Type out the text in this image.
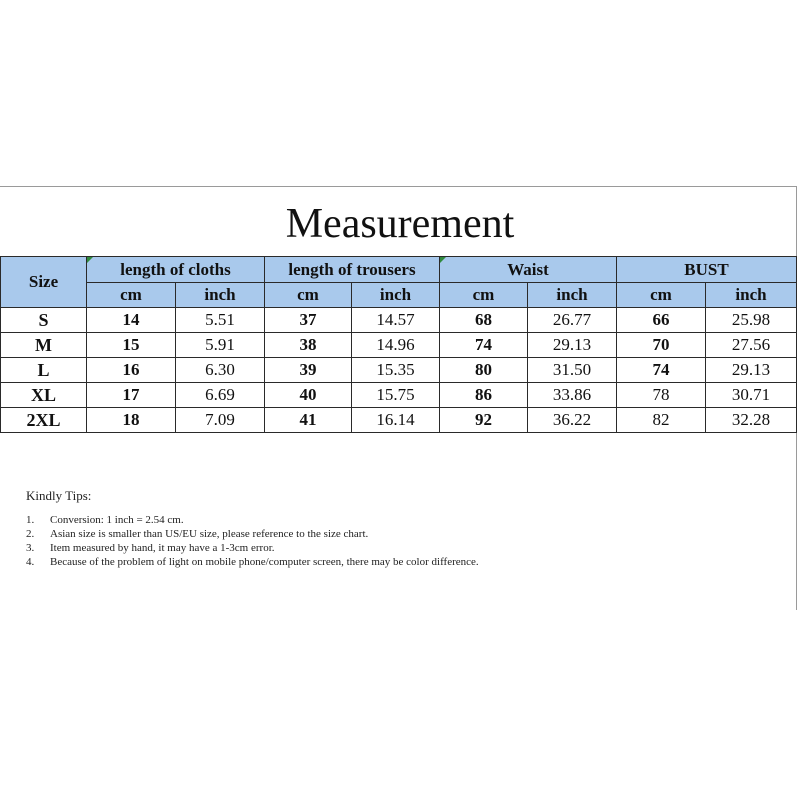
Measurement
Size	length of cloths		length of trousers		Waist		BUST	
	cm	inch	cm	inch	cm	inch	cm	inch
S	14	5.51	37	14.57	68	26.77	66	25.98
M	15	5.91	38	14.96	74	29.13	70	27.56
L	16	6.30	39	15.35	80	31.50	74	29.13
XL	17	6.69	40	15.75	86	33.86	78	30.71
2XL	18	7.09	41	16.14	92	36.22	82	32.28
Kindly Tips:
1.	Conversion: 1 inch = 2.54 cm.
2.	Asian size is smaller than US/EU size, please reference to the size chart.
3.	Item measured by hand, it may have a 1-3cm error.
4.	Because of the problem of light on mobile phone/computer screen, there may be color difference.
